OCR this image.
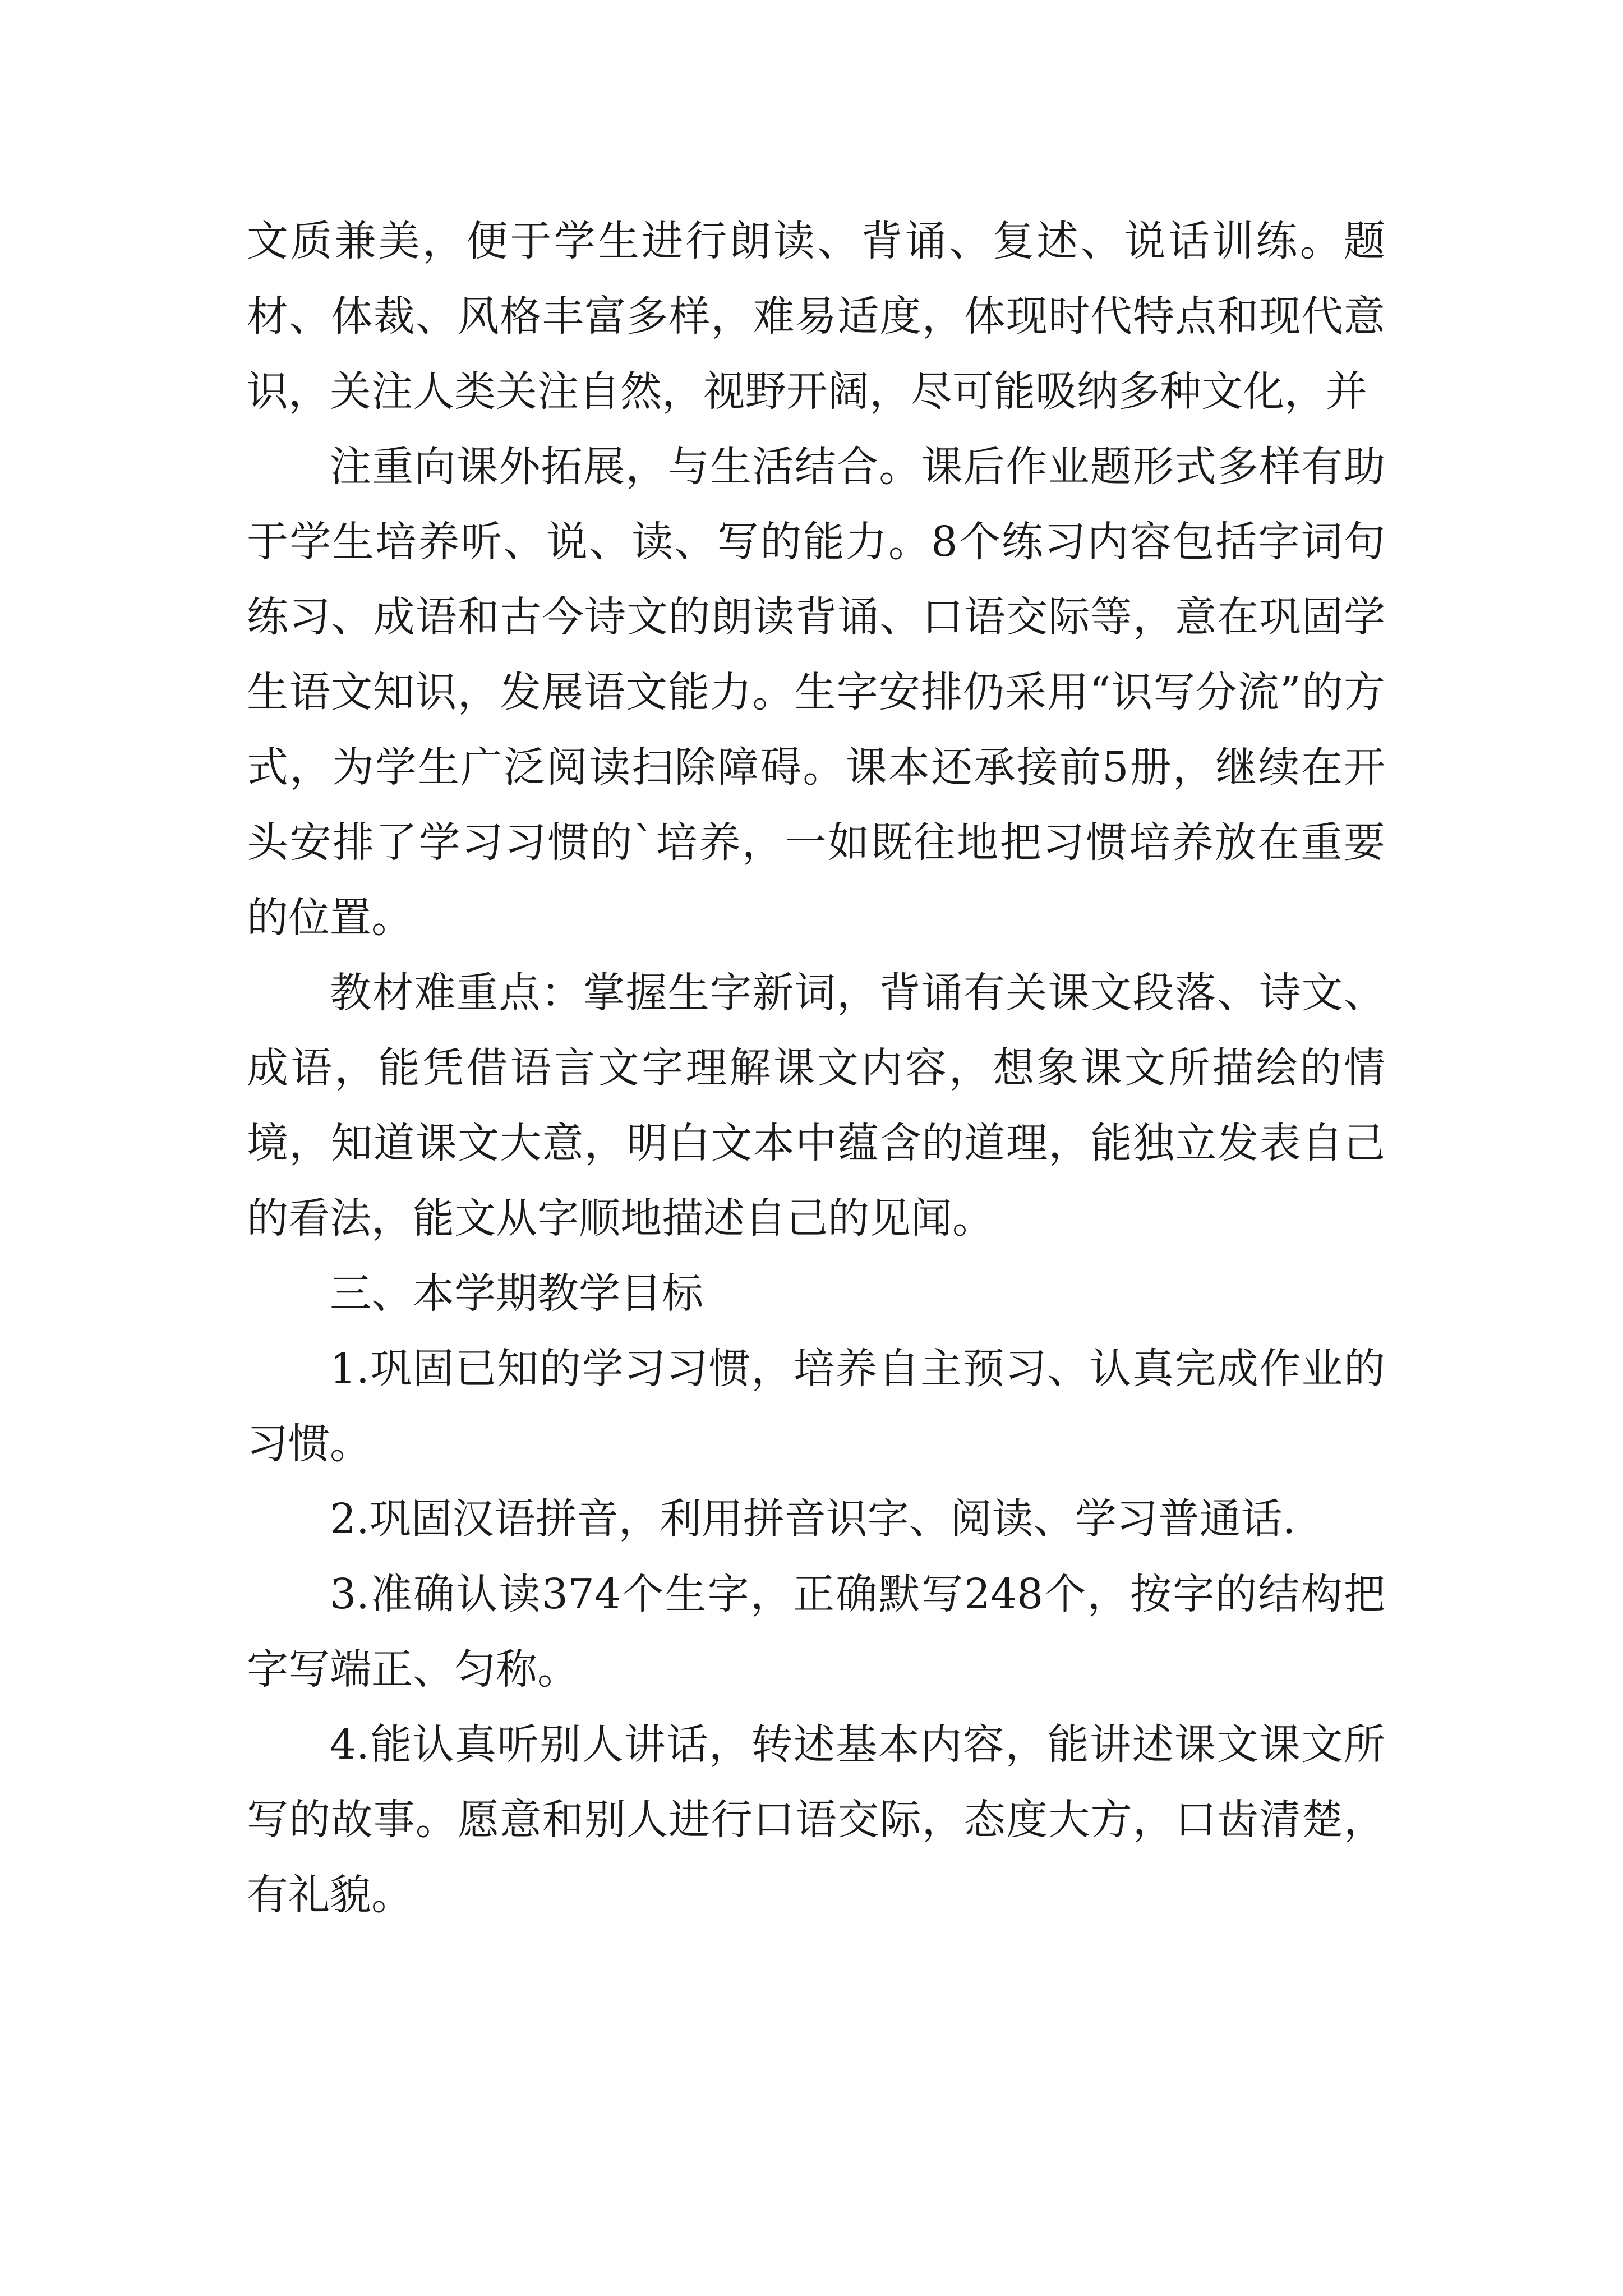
文质兼美，便于学生进行朗读、背诵、复述、说话训练。题材、体裁、风格丰富多样，难易适度，体现时代特点和现代意识，关注人类关注自然，视野开阔，尽可能吸纳多种文化，并

注重向课外拓展，与生活结合。课后作业题形式多样有助于学生培养听、说、读、写的能力。8个练习内容包括字词句练习、成语和古今诗文的朗读背诵、口语交际等，意在巩固学生语文知识，发展语文能力。生字安排仍采用“识写分流”的方式，为学生广泛阅读扫除障碍。课本还承接前5册，继续在开头安排了学习习惯的`培养，一如既往地把习惯培养放在重要的位置。

教材难重点：掌握生字新词，背诵有关课文段落、诗文、成语，能凭借语言文字理解课文内容，想象课文所描绘的情境，知道课文大意，明白文本中蕴含的道理，能独立发表自己的看法，能文从字顺地描述自己的见闻。

三、本学期教学目标

1.巩固已知的学习习惯，培养自主预习、认真完成作业的习惯。

2.巩固汉语拼音，利用拼音识字、阅读、学习普通话.

3.准确认读374个生字，正确默写248个，按字的结构把字写端正、匀称。

4.能认真听别人讲话，转述基本内容，能讲述课文课文所写的故事。愿意和别人进行口语交际，态度大方，口齿清楚，有礼貌。
